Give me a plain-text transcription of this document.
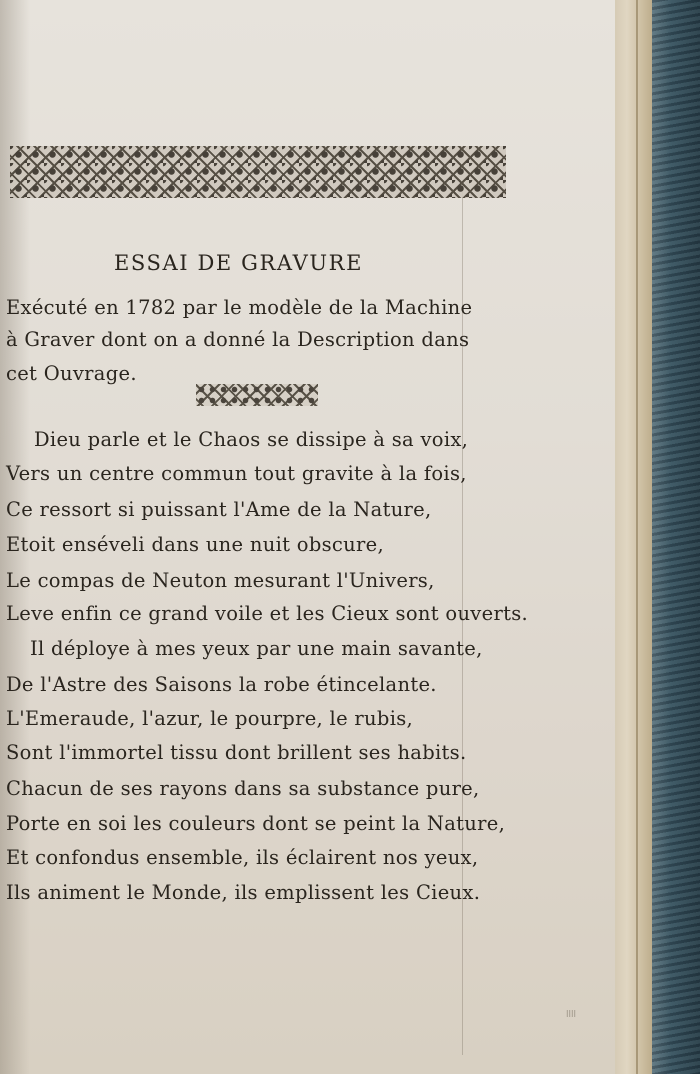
ESSAI DE GRAVURE
Exécuté en 1782 par le modèle de la Machine
à Graver dont on a donné la Description dans
cet Ouvrage.
Dieu parle et le Chaos se dissipe à sa voix,
Vers un centre commun tout gravite à la fois,
Ce ressort si puissant l'Ame de la Nature,
Etoit enséveli dans une nuit obscure,
Le compas de Neuton mesurant l'Univers,
Leve enfin ce grand voile et les Cieux sont ouverts.
Il déploye à mes yeux par une main savante,
De l'Astre des Saisons la robe étincelante.
L'Emeraude, l'azur, le pourpre, le rubis,
Sont l'immortel tissu dont brillent ses habits.
Chacun de ses rayons dans sa substance pure,
Porte en soi les couleurs dont se peint la Nature,
Et confondus ensemble, ils éclairent nos yeux,
Ils animent le Monde, ils emplissent les Cieux.
llll
